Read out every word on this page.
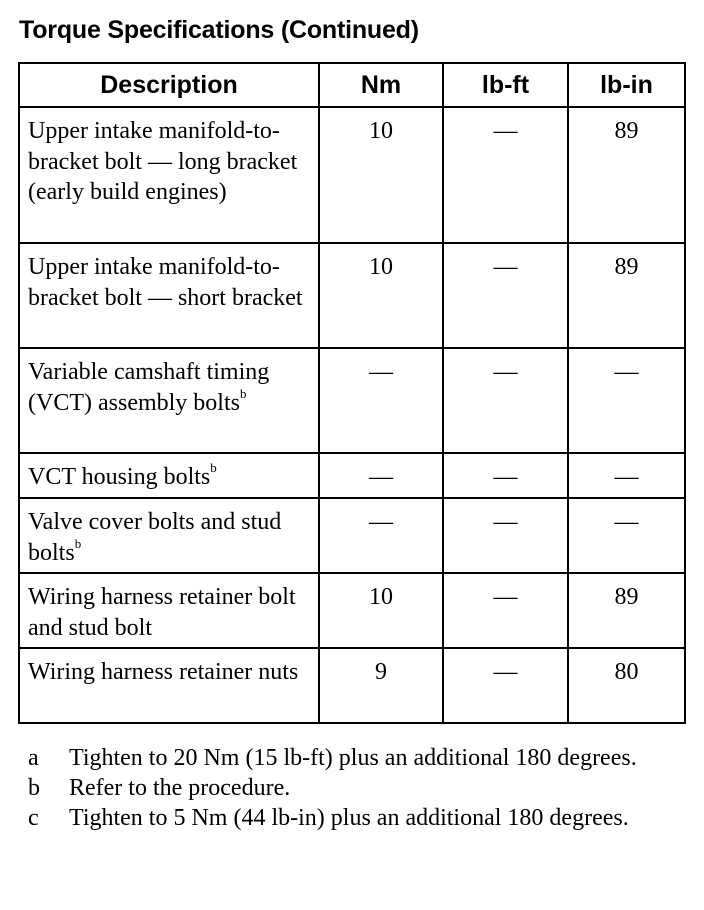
Torque Specifications (Continued)
Description	Nm	lb-ft	lb-in
Upper intake manifold-to-bracket bolt — long bracket (early build engines)	10	—	89
Upper intake manifold-to-bracket bolt — short bracket	10	—	89
Variable camshaft timing (VCT) assembly bolts$^b$	—	—	—
VCT housing bolts$^b$	—	—	—
Valve cover bolts and stud bolts$^b$	—	—	—
Wiring harness retainer bolt and stud bolt	10	—	89
Wiring harness retainer nuts	9	—	80
a	Tighten to 20 Nm (15 lb-ft) plus an additional 180 degrees.
b	Refer to the procedure.
c	Tighten to 5 Nm (44 lb-in) plus an additional 180 degrees.
